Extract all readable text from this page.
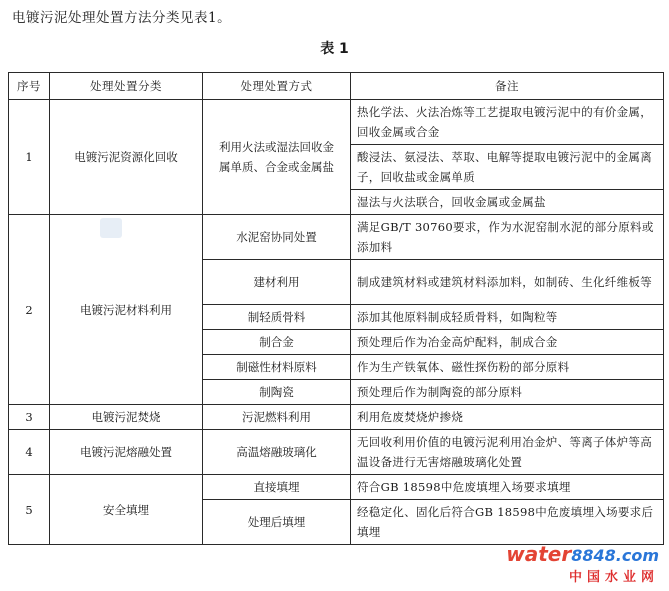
电镀污泥处理处置方法分类见表1。
表 1
序号	处理处置分类	处理处置方式	备注
1	电镀污泥资源化回收	利用火法或湿法回收金属单质、合金或金属盐	热化学法、火法冶炼等工艺提取电镀污泥中的有价金属，回收金属或合金
			酸浸法、氨浸法、萃取、电解等提取电镀污泥中的金属离子，回收盐或金属单质
			湿法与火法联合，回收金属或金属盐
2	电镀污泥材料利用	水泥窑协同处置	满足GB/T 30760要求，作为水泥窑制水泥的部分原料或添加料
		建材利用	制成建筑材料或建筑材料添加料，如制砖、生化纤维板等
		制轻质骨料	添加其他原料制成轻质骨料，如陶粒等
		制合金	预处理后作为冶金高炉配料，制成合金
		制磁性材料原料	作为生产铁氧体、磁性探伤粉的部分原料
		制陶瓷	预处理后作为制陶瓷的部分原料
3	电镀污泥焚烧	污泥燃料利用	利用危废焚烧炉掺烧
4	电镀污泥熔融处置	高温熔融玻璃化	无回收利用价值的电镀污泥利用冶金炉、等离子体炉等高温设备进行无害熔融玻璃化处置
5	安全填埋	直接填埋	符合GB 18598中危废填埋入场要求填埋
		处理后填埋	经稳定化、固化后符合GB 18598中危废填埋入场要求后填埋
water8848.com
中国水业网
